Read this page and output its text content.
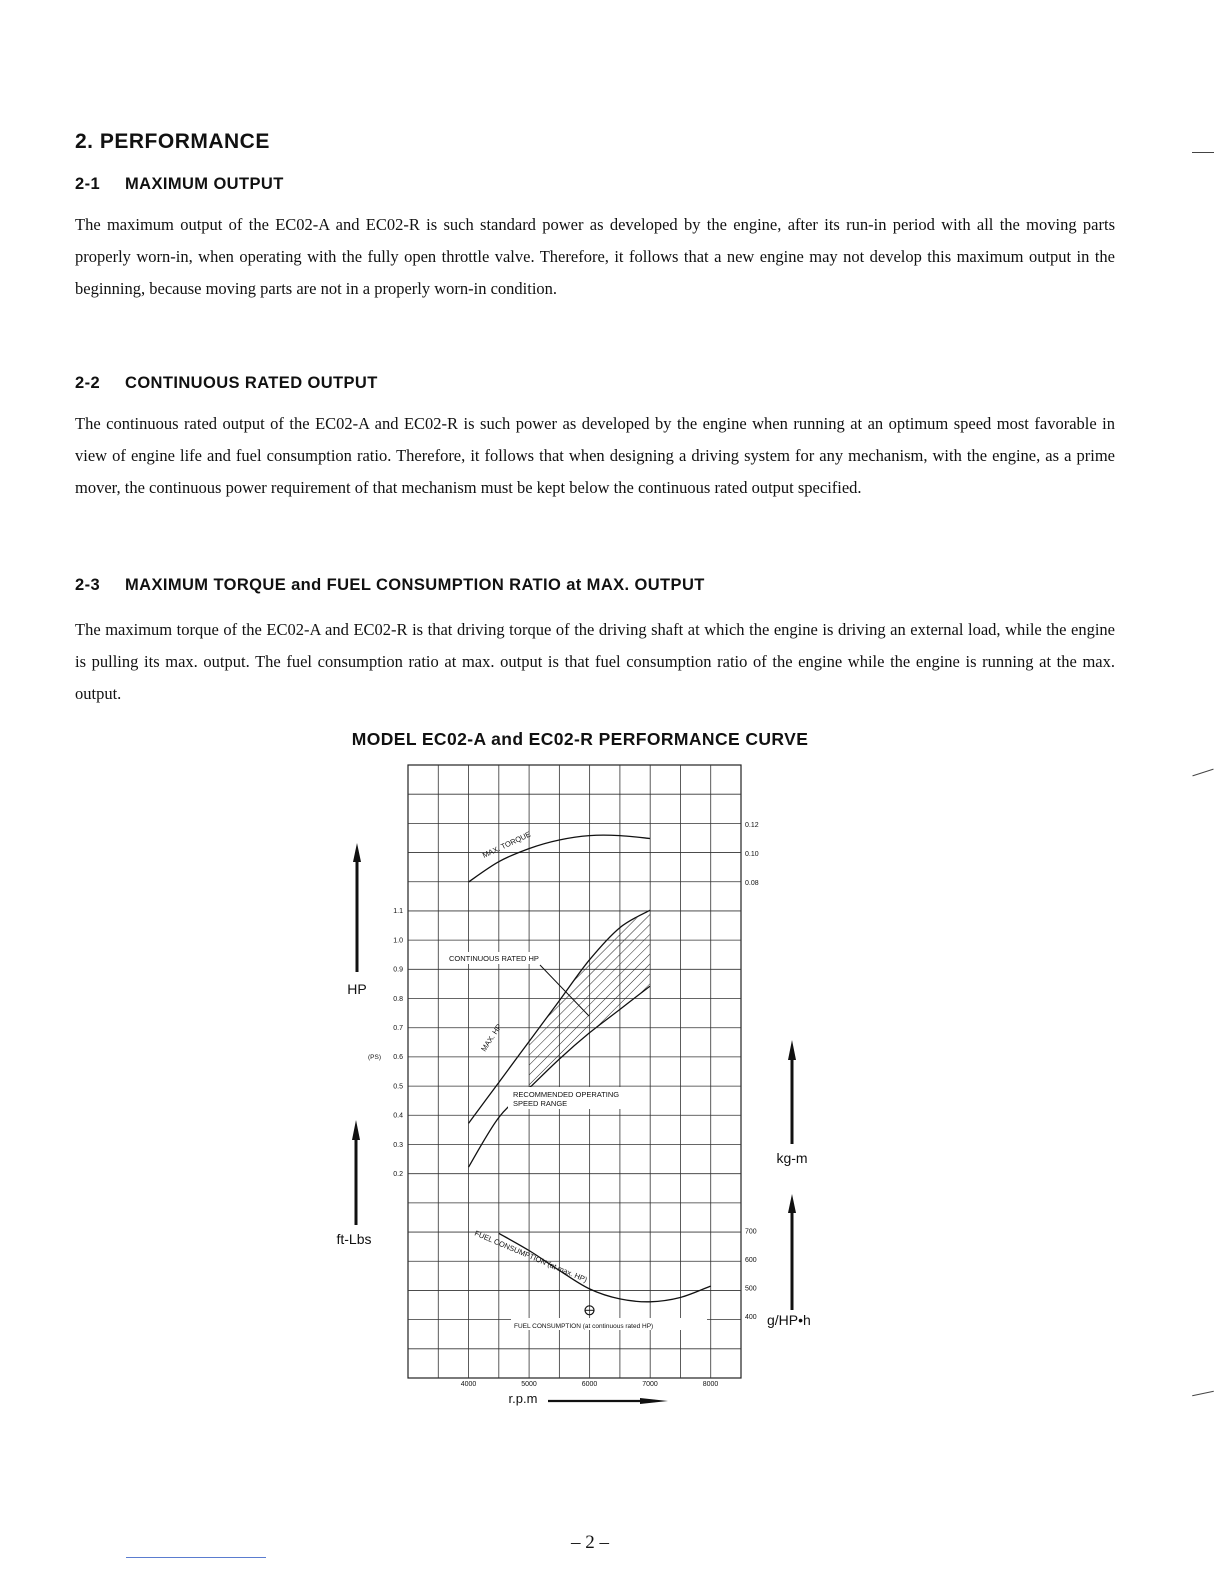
2. PERFORMANCE
2-1 MAXIMUM OUTPUT
The maximum output of the EC02-A and EC02-R is such standard power as developed by the engine, after its run-in period with all the moving parts properly worn-in, when operating with the fully open throttle valve. Therefore, it follows that a new engine may not develop this maximum output in the beginning, because moving parts are not in a properly worn-in condition.
2-2 CONTINUOUS RATED OUTPUT
The continuous rated output of the EC02-A and EC02-R is such power as developed by the engine when running at an optimum speed most favorable in view of engine life and fuel consumption ratio. Therefore, it follows that when designing a driving system for any mechanism, with the engine, as a prime mover, the continuous power requirement of that mechanism must be kept below the continuous rated output specified.
2-3 MAXIMUM TORQUE and FUEL CONSUMPTION RATIO at MAX. OUTPUT
The maximum torque of the EC02-A and EC02-R is that driving torque of the driving shaft at which the engine is driving an external load, while the engine is pulling its max. output. The fuel consumption ratio at max. output is that fuel consumption ratio of the engine while the engine is running at the max. output.
MODEL EC02-A and EC02-R PERFORMANCE CURVE
MAX. TORQUE
CONTINUOUS RATED HP
MAX. HP
RECOMMENDED OPERATING
SPEED RANGE
FUEL CONSUMPTION (at max. HP)
FUEL CONSUMPTION (at continuous rated HP)
4000	5000	6000	7000	8000
r.p.m
1.1
1.0
0.9
0.8
0.7
0.6
0.5
0.4
0.3
0.2
(PS)
HP
ft-Lbs
0.12
0.10
0.08
kg-m
700
600
500
400 g/HP•h
– 2 –
